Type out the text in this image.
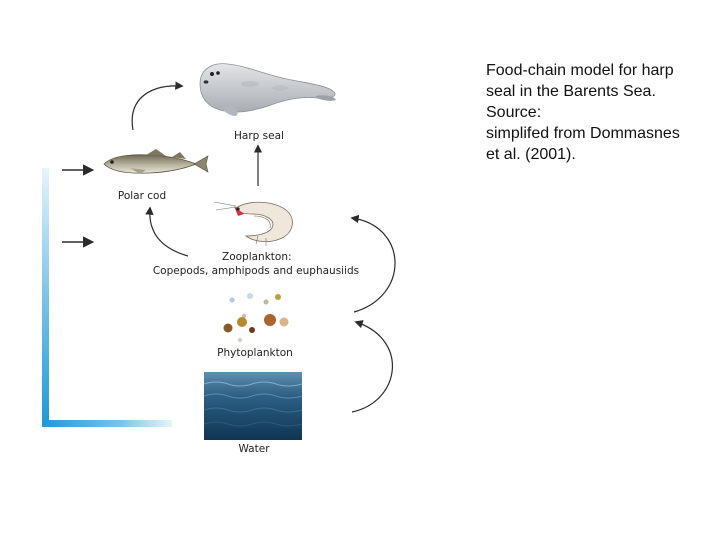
Harp seal
Polar cod
Zooplankton:
Copepods, amphipods and euphausiids
Phytoplankton
Water
Food-chain model for harp
seal in the Barents Sea.
Source:
simplifed from Dommasnes
et al. (2001).
